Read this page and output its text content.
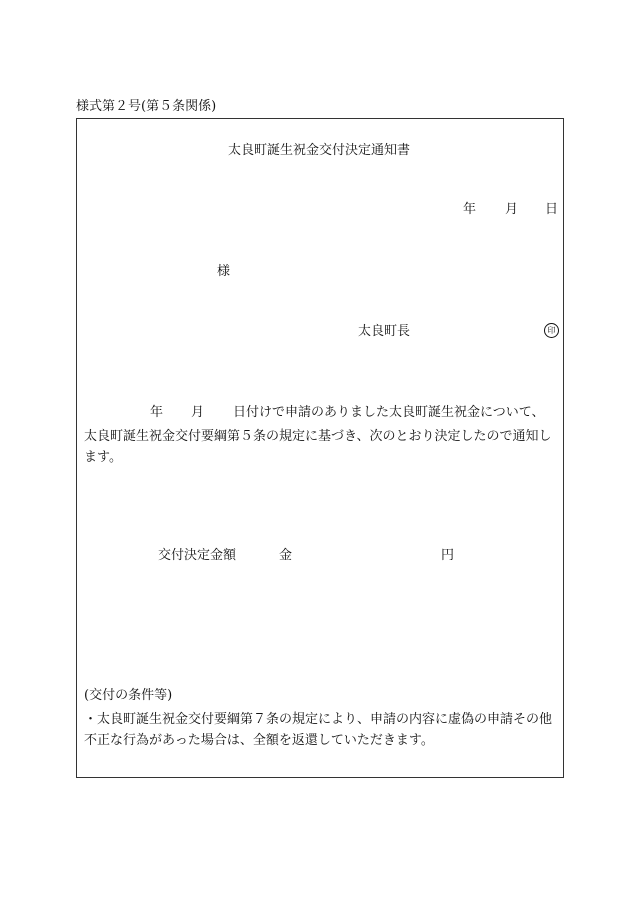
様式第２号(第５条関係)
太良町誕生祝金交付決定通知書
年 月 日
様
太良町長	印
年 月 日付けで申請のありました太良町誕生祝金について、
太良町誕生祝金交付要綱第５条の規定に基づき、次のとおり決定したので通知します。
交付決定金額	金	円
(交付の条件等)
・太良町誕生祝金交付要綱第７条の規定により、申請の内容に虚偽の申請その他不正な行為があった場合は、全額を返還していただきます。
